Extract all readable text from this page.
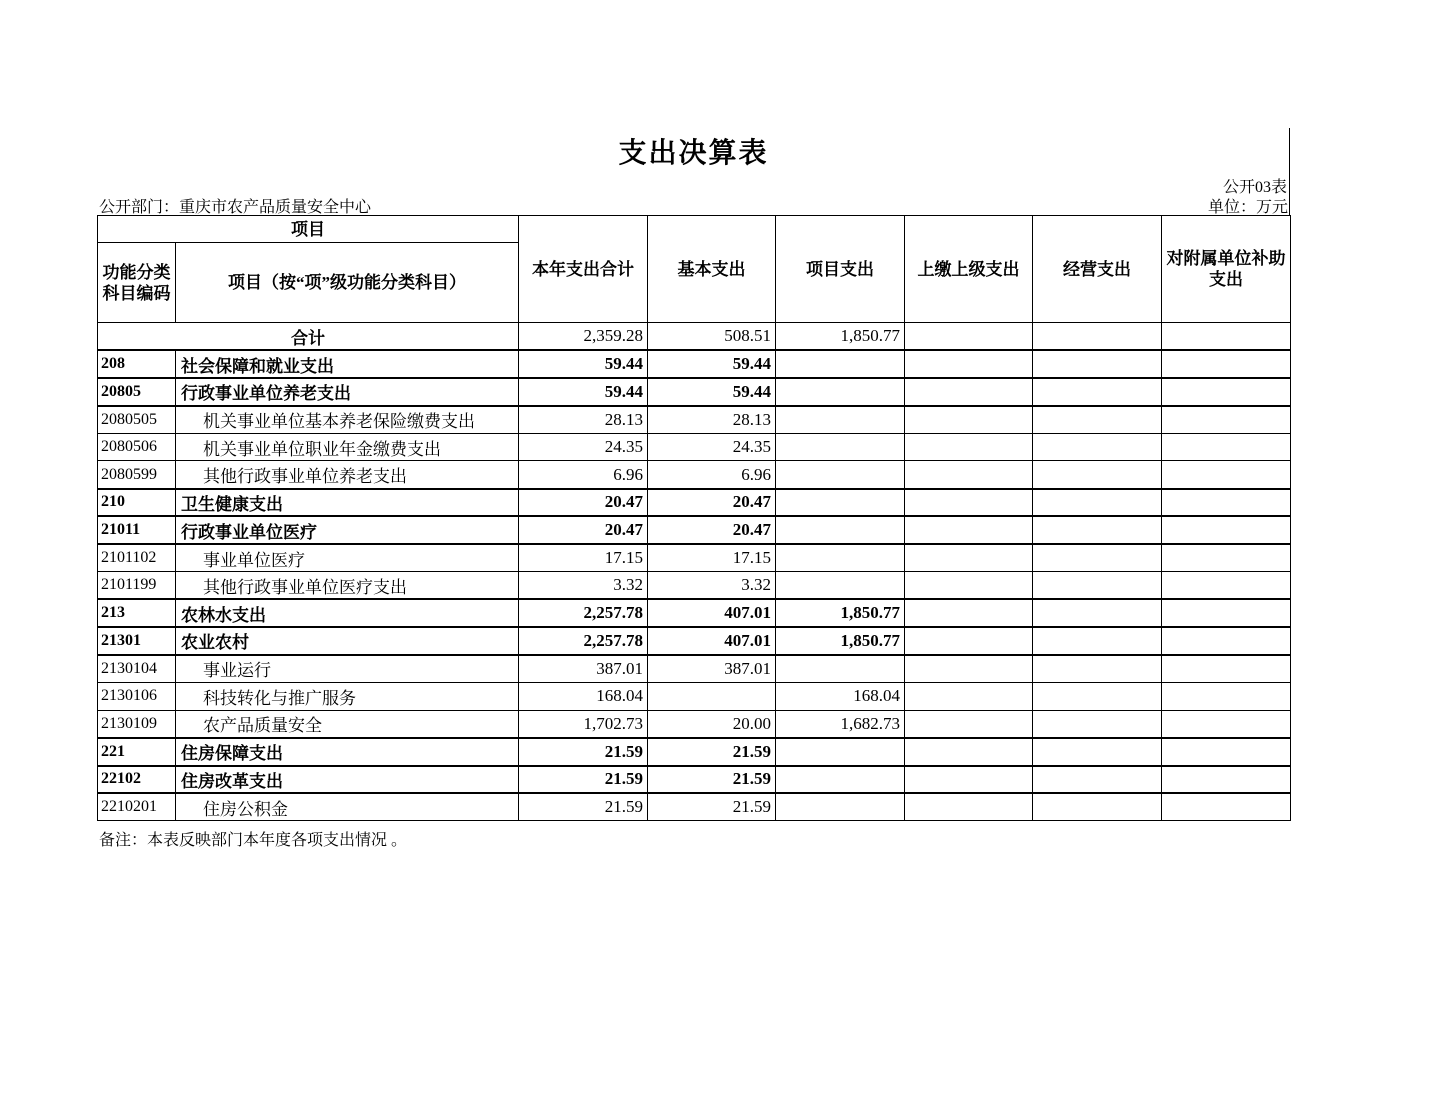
支出决算表
公开03表
公开部门：重庆市农产品质量安全中心	单位：万元
项目		本年支出合计	基本支出	项目支出	上缴上级支出	经营支出	对附属单位补助支出
功能分类科目编码	项目（按“项”级功能分类科目）						
合计		2,359.28	508.51	1,850.77			
208	社会保障和就业支出	59.44	59.44				
20805	行政事业单位养老支出	59.44	59.44				
2080505	机关事业单位基本养老保险缴费支出	28.13	28.13				
2080506	机关事业单位职业年金缴费支出	24.35	24.35				
2080599	其他行政事业单位养老支出	6.96	6.96				
210	卫生健康支出	20.47	20.47				
21011	行政事业单位医疗	20.47	20.47				
2101102	事业单位医疗	17.15	17.15				
2101199	其他行政事业单位医疗支出	3.32	3.32				
213	农林水支出	2,257.78	407.01	1,850.77			
21301	农业农村	2,257.78	407.01	1,850.77			
2130104	事业运行	387.01	387.01				
2130106	科技转化与推广服务	168.04		168.04			
2130109	农产品质量安全	1,702.73	20.00	1,682.73			
221	住房保障支出	21.59	21.59				
22102	住房改革支出	21.59	21.59				
2210201	住房公积金	21.59	21.59				
备注：本表反映部门本年度各项支出情况 。
